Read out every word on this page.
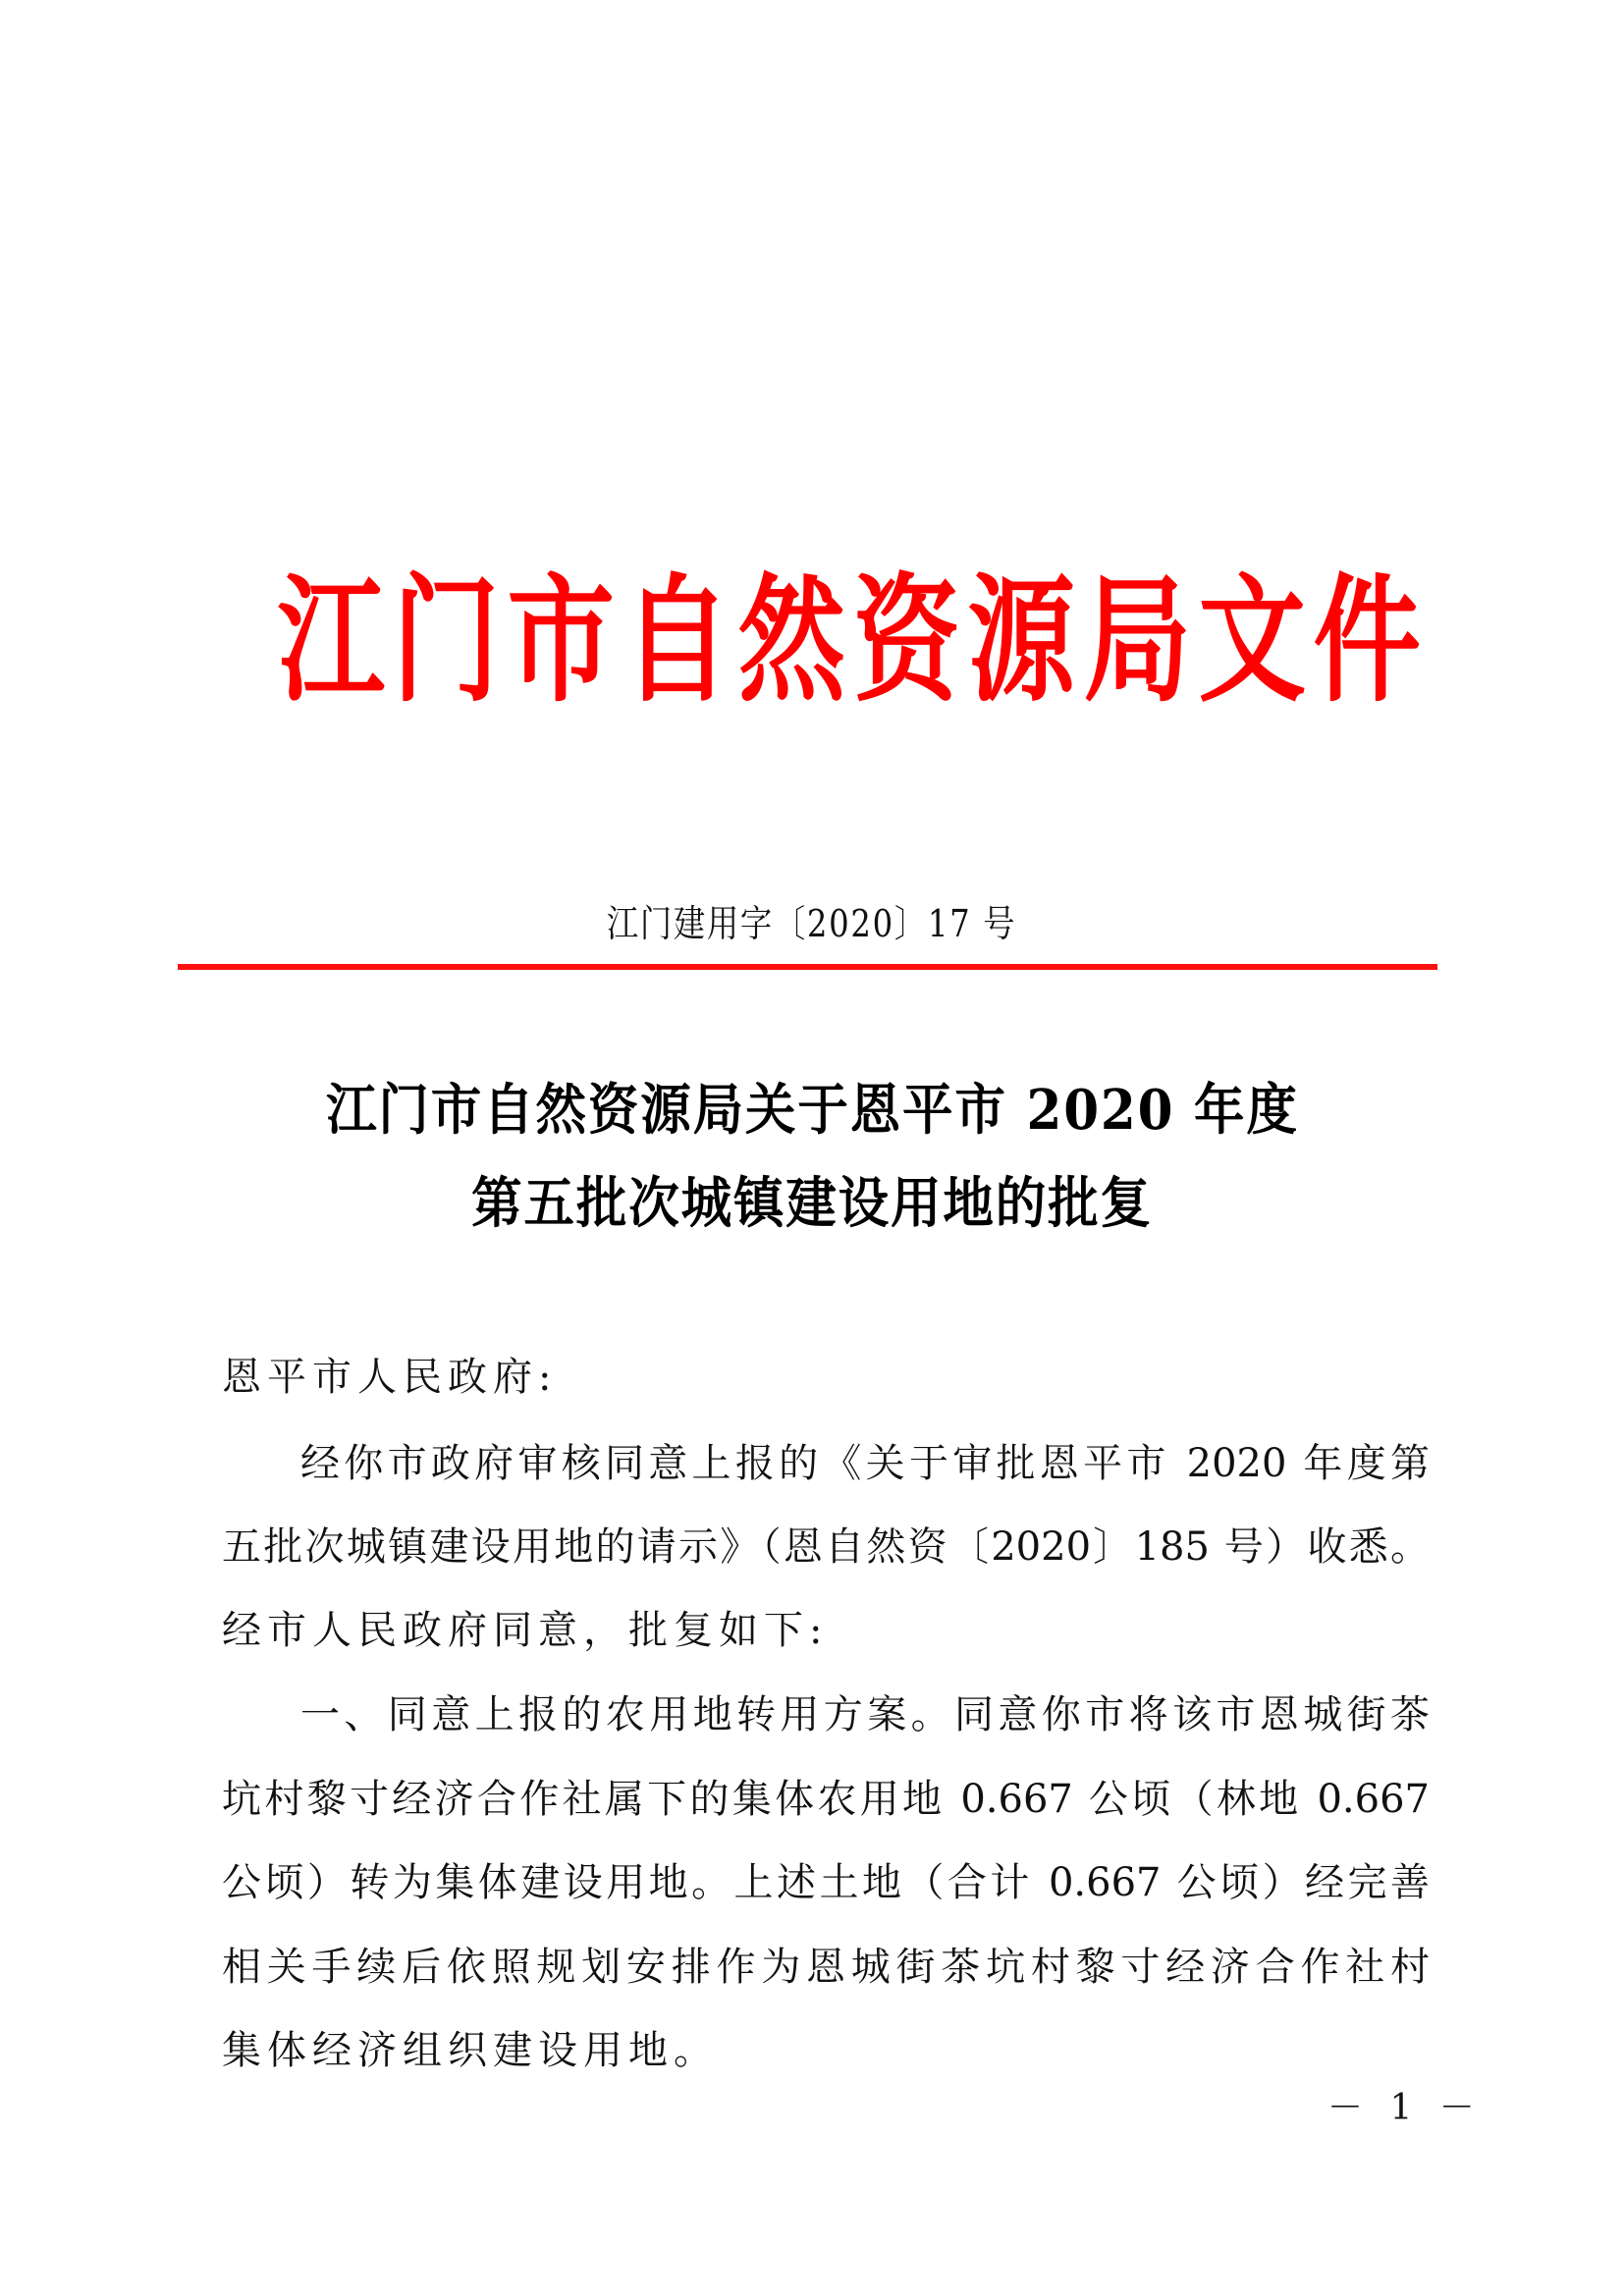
江 门 市 自 然 资 源 局 文 件
江门建用字〔2020〕17 号
江门市自然资源局关于恩平市 2020 年度
第五批次城镇建设用地的批复
恩平市人民政府:
经你市政府审核同意上报的《关于审批恩平市 2020 年度第
五批次城镇建设用地的请示》（恩自然资〔2020〕185 号）收悉。
经市人民政府同意，批复如下:
一、同意上报的农用地转用方案。同意你市将该市恩城街茶
坑村黎寸经济合作社属下的集体农用地 0.667 公顷（林地 0.667
公顷）转为集体建设用地。上述土地（合计 0.667 公顷）经完善
相关手续后依照规划安排作为恩城街茶坑村黎寸经济合作社村
集体经济组织建设用地。
－ 1 －
